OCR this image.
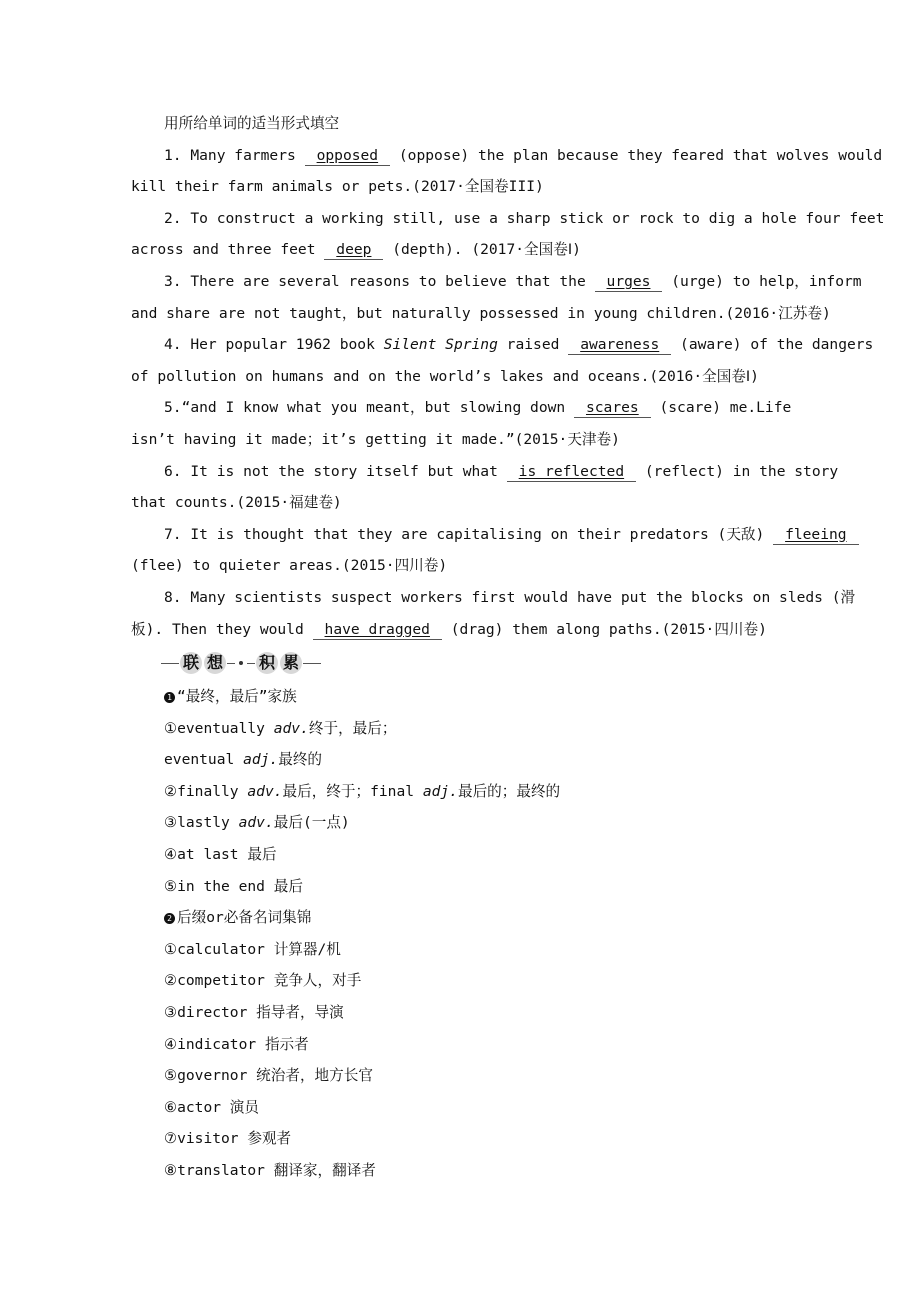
用所给单词的适当形式填空
1. Many farmers opposed (oppose) the plan because they feared that wolves would
kill their farm animals or pets.(2017·全国卷III)
2. To construct a working still, use a sharp stick or rock to dig a hole four feet
across and three feet deep (depth). (2017·全国卷Ⅰ)
3. There are several reasons to believe that the urges (urge) to help，inform
and share are not taught，but naturally possessed in young children.(2016·江苏卷)
4. Her popular 1962 book Silent Spring raised awareness (aware) of the dangers
of pollution on humans and on the world’s lakes and oceans.(2016·全国卷Ⅰ)
5.“and I know what you meant，but slowing down scares (scare) me.Life
isn’t having it made；it’s getting it made.”(2015·天津卷)
6. It is not the story itself but what is reflected (reflect) in the story
that counts.(2015·福建卷)
7. It is thought that they are capitalising on their predators (天敌) fleeing
(flee) to quieter areas.(2015·四川卷)
8. Many scientists suspect workers first would have put the blocks on sleds (滑
板). Then they would have dragged (drag) them along paths.(2015·四川卷)
联 想 积 累
1 “最终，最后”家族
①eventually adv.终于，最后；
eventual adj.最终的
②finally adv.最后，终于；final adj.最后的；最终的
③lastly adv.最后(一点)
④at last 最后
⑤in the end 最后
2 后缀or必备名词集锦
①calculator 计算器/机
②competitor 竞争人，对手
③director 指导者，导演
④indicator 指示者
⑤governor 统治者，地方长官
⑥actor 演员
⑦visitor 参观者
⑧translator 翻译家，翻译者
